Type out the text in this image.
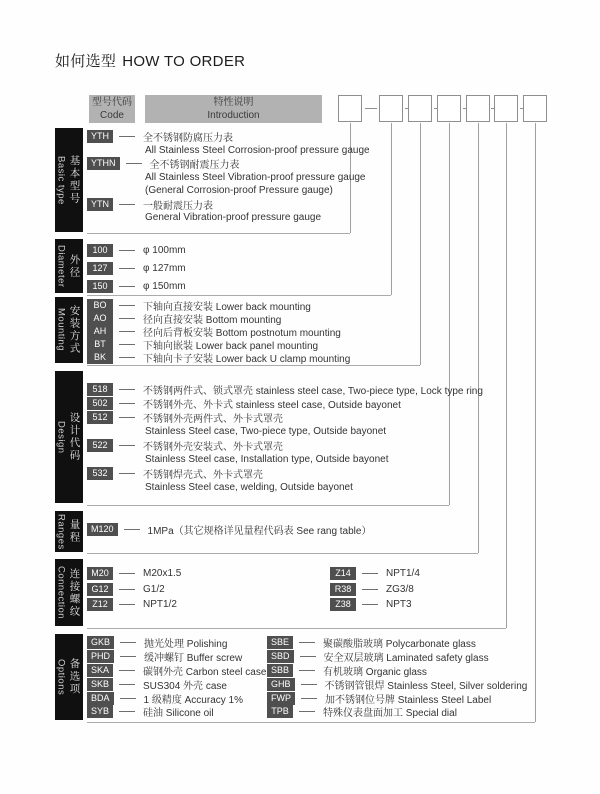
如何选型 HOW TO ORDER
型号代码
Code
特性说明
Introduction
Basic type 基本型号
Diameter 外径
Mounting 安装方式
Design 设计代码
Ranges 量程
Connection 连接螺纹
Options 备选项
YTH	全不锈钢防腐压力表
All Stainless Steel Corrosion-proof pressure gauge
YTHN	全不锈钢耐震压力表
All Stainless Steel Vibration-proof pressure gauge
(General Corrosion-proof Pressure gauge)
YTN	一般耐震压力表
General Vibration-proof pressure gauge
100	φ 100mm
127	φ 127mm
150	φ 150mm
BO	下轴向直接安装 Lower back mounting
AO	径向直接安装 Bottom mounting
AH	径向后背板安装 Bottom postnotum mounting
BT	下轴向嵌装 Lower back panel mounting
BK	下轴向卡子安装 Lower back U clamp mounting
518	不锈钢两件式、锁式罩壳 stainless steel case, Two-piece type, Lock type ring
502	不锈钢外壳、外卡式 stainless steel case, Outside bayonet
512	不锈钢外壳两件式、外卡式罩壳
Stainless Steel case, Two-piece type, Outside bayonet
522	不锈钢外壳安装式、外卡式罩壳
Stainless Steel case, Installation type, Outside bayonet
532	不锈钢焊壳式、外卡式罩壳
Stainless Steel case, welding, Outside bayonet
M120	1MPa（其它规格详见量程代码表 See rang table）
M20	M20x1.5
G12	G1/2
Z12	NPT1/2
Z14	NPT1/4
R38	ZG3/8
Z38	NPT3
GKB	抛光处理 Polishing
PHD	缓冲螺钉 Buffer screw
SKA	碳钢外壳 Carbon steel case
SKB	SUS304 外壳 case
BDA	1 级精度 Accuracy 1%
SYB	硅油 Silicone oil
SBE	聚碳酸脂玻璃 Polycarbonate glass
SBD	安全双层玻璃 Laminated safety glass
SBB	有机玻璃 Organic glass
GHB	不锈钢管银焊 Stainless Steel, Silver soldering
FWP	加不锈钢位号牌 Stainless Steel Label
TPB	特殊仪表盘面加工 Special dial
